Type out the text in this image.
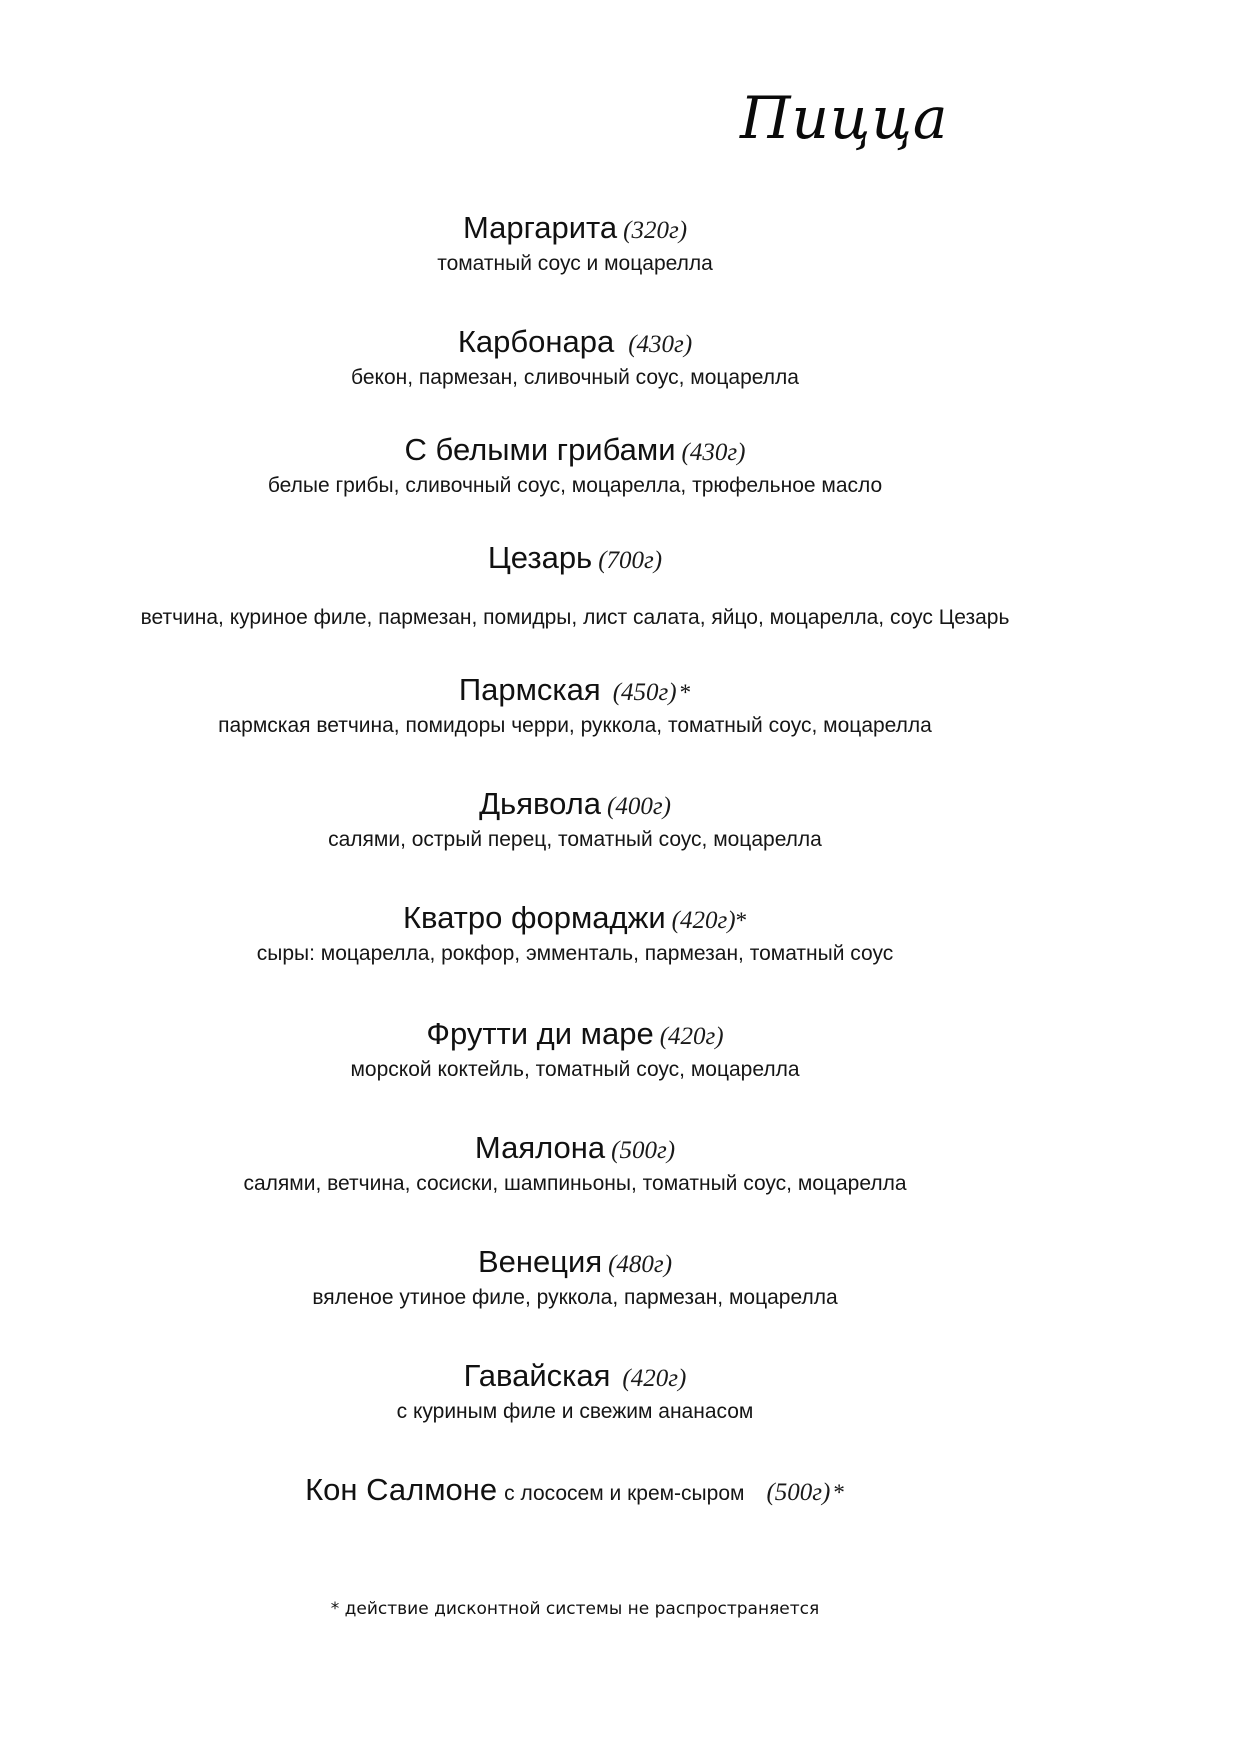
Пицца
Маргарита (320г)
томатный соус и моцарелла
Карбонара (430г)
бекон, пармезан, сливочный соус, моцарелла
С белыми грибами (430г)
белые грибы, сливочный соус, моцарелла, трюфельное масло
Цезарь (700г)
ветчина, куриное филе, пармезан, помидры, лист салата, яйцо, моцарелла, соус Цезарь
Пармская (450г) *
пармская ветчина, помидоры черри, руккола, томатный соус, моцарелла
Дьявола (400г)
салями, острый перец, томатный соус, моцарелла
Кватро формаджи (420г)*
сыры: моцарелла, рокфор, эмменталь, пармезан, томатный соус
Фрутти ди маре (420г)
морской коктейль, томатный соус, моцарелла
Маялона (500г)
салями, ветчина, сосиски, шампиньоны, томатный соус, моцарелла
Венеция (480г)
вяленое утиное филе, руккола, пармезан, моцарелла
Гавайская (420г)
с куриным филе и свежим ананасом
Кон Салмоне с лососем и крем-сыром (500г) *
* действие дисконтной системы не распространяется
